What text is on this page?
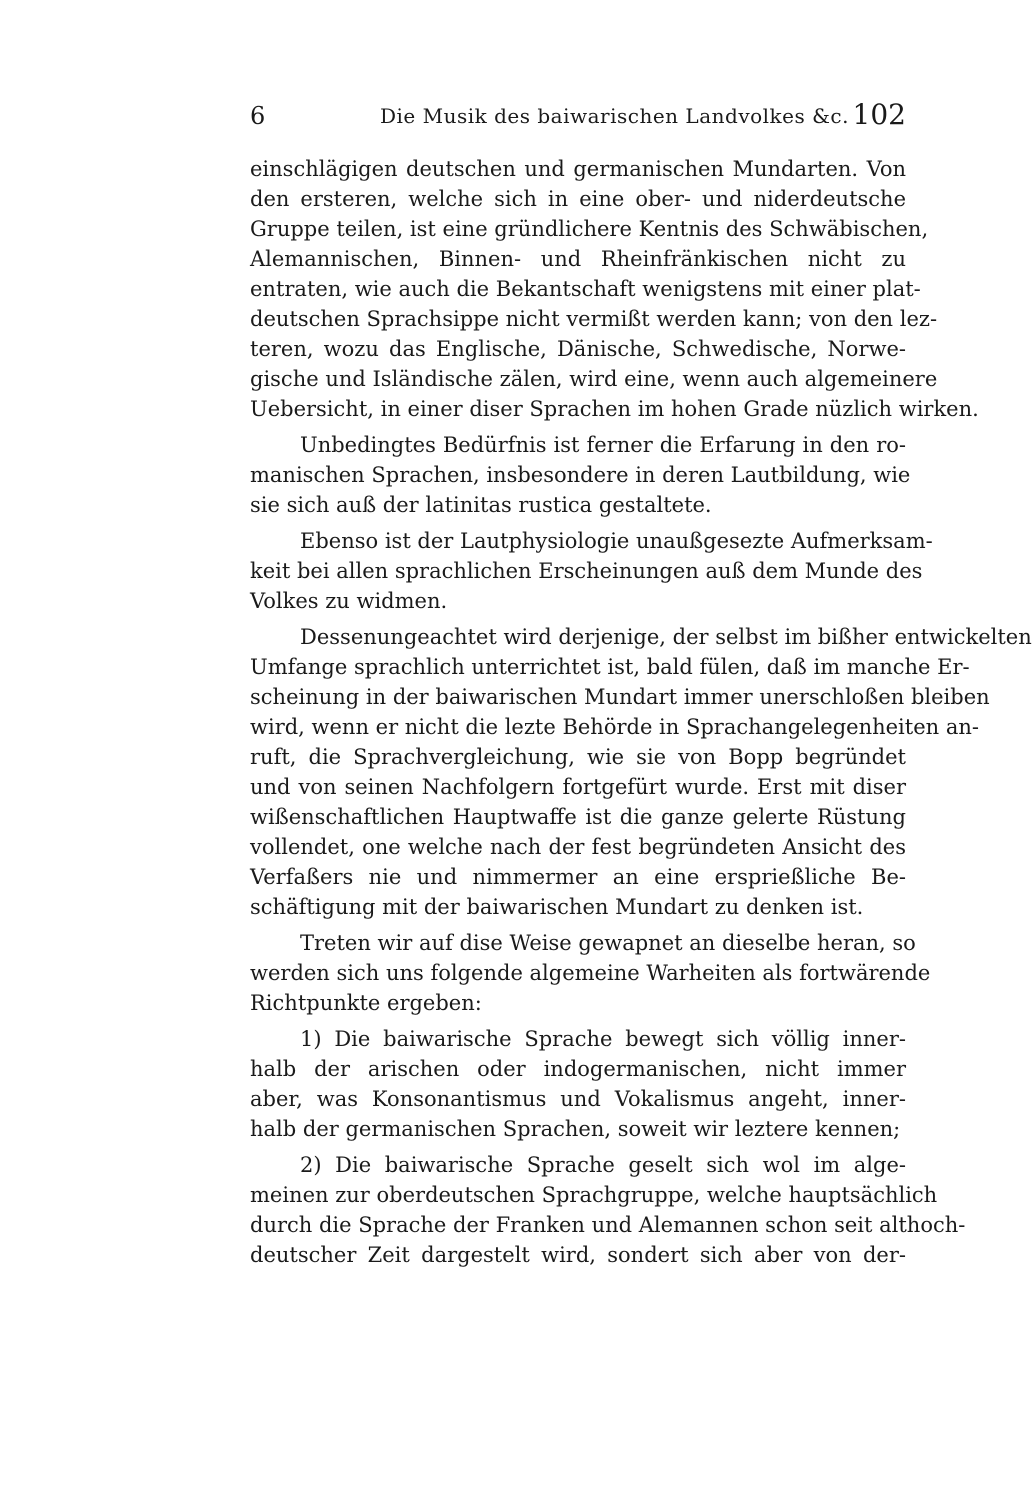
6	Die Musik des baiwarischen Landvolkes &c. 102
einschlägigen deutschen und germanischen Mundarten. Von
den ersteren, welche sich in eine ober- und niderdeutsche
Gruppe teilen, ist eine gründlichere Kentnis des Schwäbischen,
Alemannischen, Binnen- und Rheinfränkischen nicht zu
entraten, wie auch die Bekantschaft wenigstens mit einer plat-
deutschen Sprachsippe nicht vermißt werden kann; von den lez-
teren, wozu das Englische, Dänische, Schwedische, Norwe-
gische und Isländische zälen, wird eine, wenn auch algemeinere
Uebersicht, in einer diser Sprachen im hohen Grade nüzlich wirken.
Unbedingtes Bedürfnis ist ferner die Erfarung in den ro-
manischen Sprachen, insbesondere in deren Lautbildung, wie
sie sich auß der latinitas rustica gestaltete.
Ebenso ist der Lautphysiologie unaußgesezte Aufmerksam-
keit bei allen sprachlichen Erscheinungen auß dem Munde des
Volkes zu widmen.
Dessenungeachtet wird derjenige, der selbst im bißher entwickelten
Umfange sprachlich unterrichtet ist, bald fülen, daß im manche Er-
scheinung in der baiwarischen Mundart immer unerschloßen bleiben
wird, wenn er nicht die lezte Behörde in Sprachangelegenheiten an-
ruft, die Sprachvergleichung, wie sie von Bopp begründet
und von seinen Nachfolgern fortgefürt wurde. Erst mit diser
wißenschaftlichen Hauptwaffe ist die ganze gelerte Rüstung
vollendet, one welche nach der fest begründeten Ansicht des
Verfaßers nie und nimmermer an eine ersprießliche Be-
schäftigung mit der baiwarischen Mundart zu denken ist.
Treten wir auf dise Weise gewapnet an dieselbe heran, so
werden sich uns folgende algemeine Warheiten als fortwärende
Richtpunkte ergeben:
1) Die baiwarische Sprache bewegt sich völlig inner-
halb der arischen oder indogermanischen, nicht immer
aber, was Konsonantismus und Vokalismus angeht, inner-
halb der germanischen Sprachen, soweit wir leztere kennen;
2) Die baiwarische Sprache geselt sich wol im alge-
meinen zur oberdeutschen Sprachgruppe, welche hauptsächlich
durch die Sprache der Franken und Alemannen schon seit althoch-
deutscher Zeit dargestelt wird, sondert sich aber von der-
